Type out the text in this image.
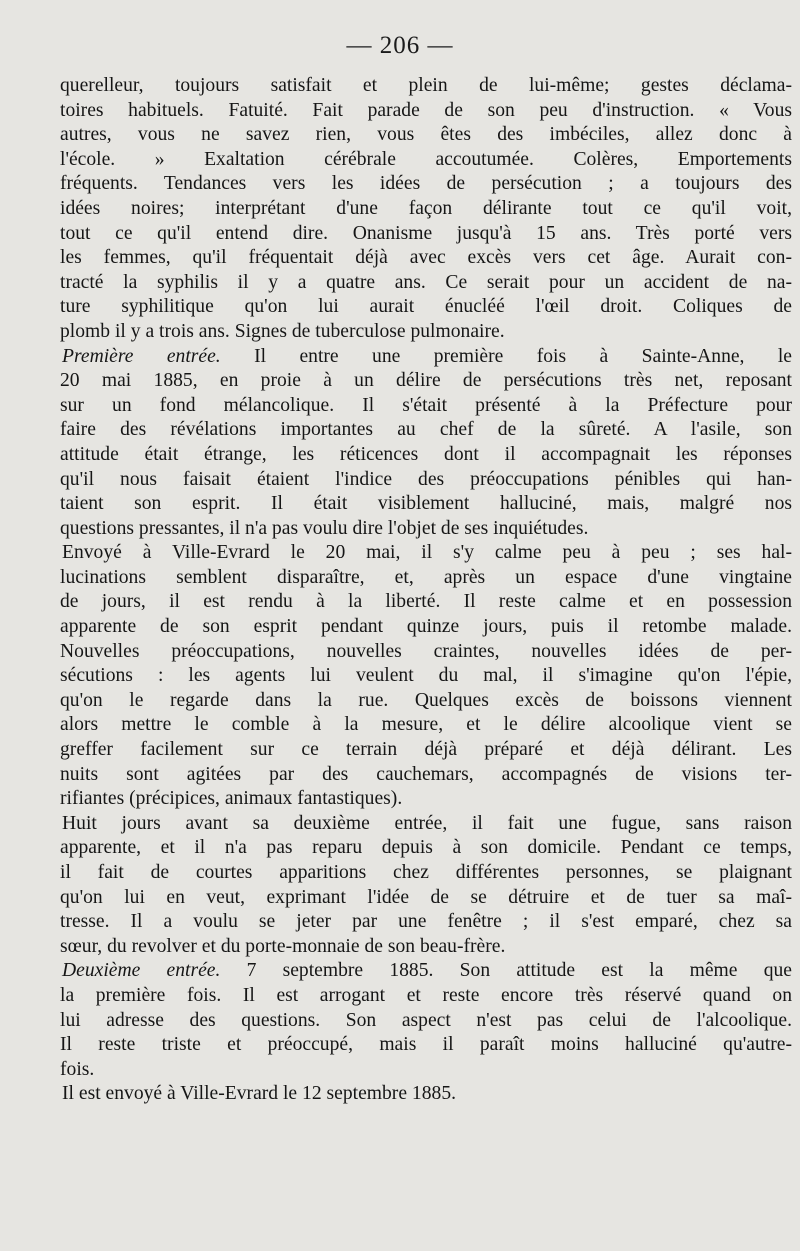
— 206 —
querelleur, toujours satisfait et plein de lui-même; gestes déclama-
toires habituels. Fatuité. Fait parade de son peu d'instruction. « Vous
autres, vous ne savez rien, vous êtes des imbéciles, allez donc à
l'école. » Exaltation cérébrale accoutumée. Colères, Emportements
fréquents. Tendances vers les idées de persécution ; a toujours des
idées noires; interprétant d'une façon délirante tout ce qu'il voit,
tout ce qu'il entend dire. Onanisme jusqu'à 15 ans. Très porté vers
les femmes, qu'il fréquentait déjà avec excès vers cet âge. Aurait con-
tracté la syphilis il y a quatre ans. Ce serait pour un accident de na-
ture syphilitique qu'on lui aurait énucléé l'œil droit. Coliques de
plomb il y a trois ans. Signes de tuberculose pulmonaire.
Première entrée. Il entre une première fois à Sainte-Anne, le
20 mai 1885, en proie à un délire de persécutions très net, reposant
sur un fond mélancolique. Il s'était présenté à la Préfecture pour
faire des révélations importantes au chef de la sûreté. A l'asile, son
attitude était étrange, les réticences dont il accompagnait les réponses
qu'il nous faisait étaient l'indice des préoccupations pénibles qui han-
taient son esprit. Il était visiblement halluciné, mais, malgré nos
questions pressantes, il n'a pas voulu dire l'objet de ses inquiétudes.
Envoyé à Ville-Evrard le 20 mai, il s'y calme peu à peu ; ses hal-
lucinations semblent disparaître, et, après un espace d'une vingtaine
de jours, il est rendu à la liberté. Il reste calme et en possession
apparente de son esprit pendant quinze jours, puis il retombe malade.
Nouvelles préoccupations, nouvelles craintes, nouvelles idées de per-
sécutions : les agents lui veulent du mal, il s'imagine qu'on l'épie,
qu'on le regarde dans la rue. Quelques excès de boissons viennent
alors mettre le comble à la mesure, et le délire alcoolique vient se
greffer facilement sur ce terrain déjà préparé et déjà délirant. Les
nuits sont agitées par des cauchemars, accompagnés de visions ter-
rifiantes (précipices, animaux fantastiques).
Huit jours avant sa deuxième entrée, il fait une fugue, sans raison
apparente, et il n'a pas reparu depuis à son domicile. Pendant ce temps,
il fait de courtes apparitions chez différentes personnes, se plaignant
qu'on lui en veut, exprimant l'idée de se détruire et de tuer sa maî-
tresse. Il a voulu se jeter par une fenêtre ; il s'est emparé, chez sa
sœur, du revolver et du porte-monnaie de son beau-frère.
Deuxième entrée. 7 septembre 1885. Son attitude est la même que
la première fois. Il est arrogant et reste encore très réservé quand on
lui adresse des questions. Son aspect n'est pas celui de l'alcoolique.
Il reste triste et préoccupé, mais il paraît moins halluciné qu'autre-
fois.
Il est envoyé à Ville-Evrard le 12 septembre 1885.
